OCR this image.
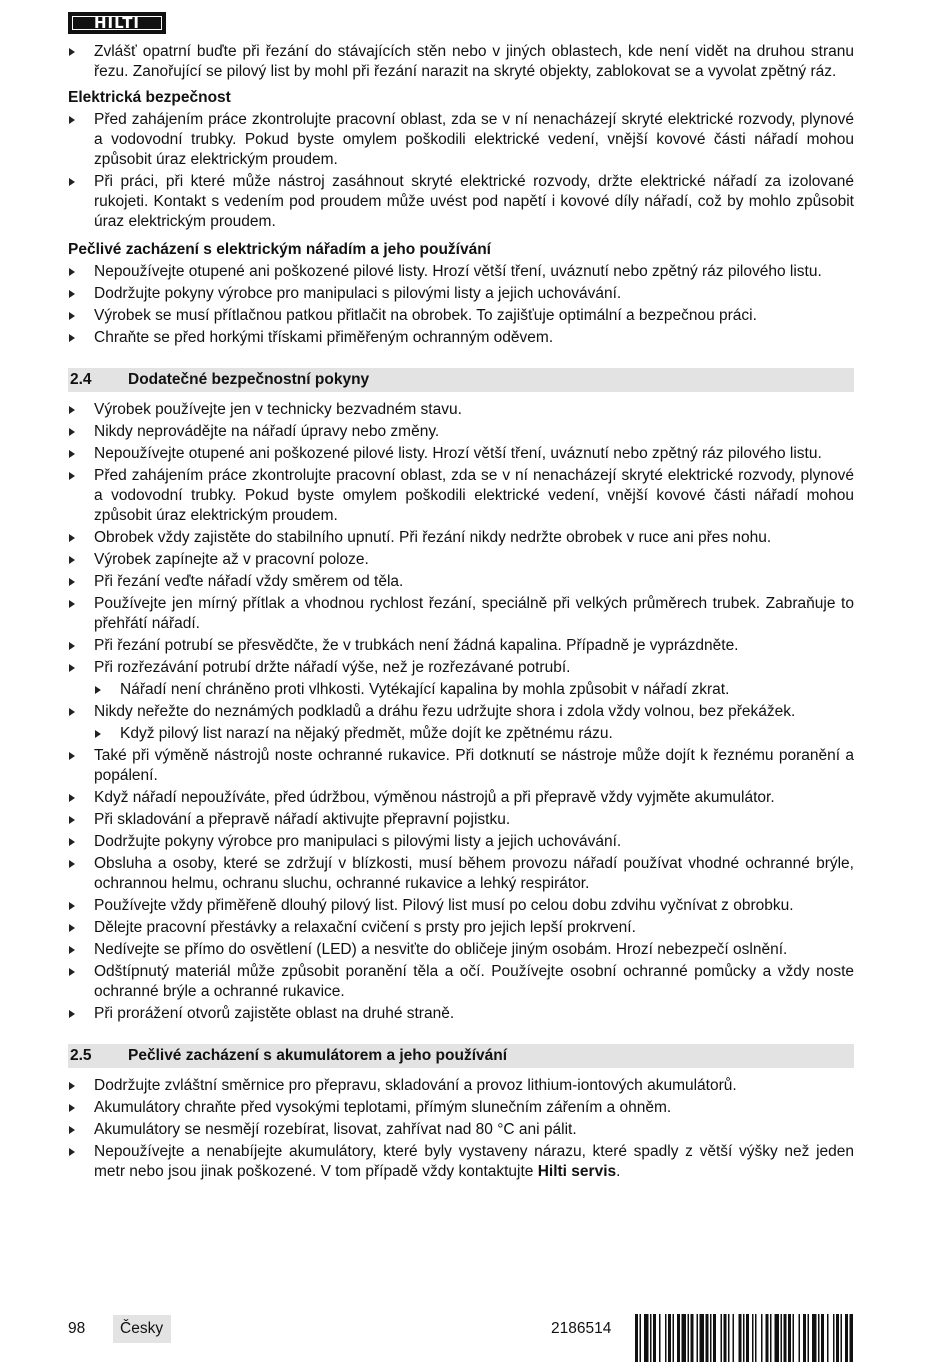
HILTI
Zvlášť opatrní buďte při řezání do stávajících stěn nebo v jiných oblastech, kde není vidět na druhou stranu řezu. Zanořující se pilový list by mohl při řezání narazit na skryté objekty, zablokovat se a vyvolat zpětný ráz.
Elektrická bezpečnost
Před zahájením práce zkontrolujte pracovní oblast, zda se v ní nenacházejí skryté elektrické rozvody, plynové a vodovodní trubky. Pokud byste omylem poškodili elektrické vedení, vnější kovové části nářadí mohou způsobit úraz elektrickým proudem.
Při práci, při které může nástroj zasáhnout skryté elektrické rozvody, držte elektrické nářadí za izolované rukojeti. Kontakt s vedením pod proudem může uvést pod napětí i kovové díly nářadí, což by mohlo způsobit úraz elektrickým proudem.
Pečlivé zacházení s elektrickým nářadím a jeho používání
Nepoužívejte otupené ani poškozené pilové listy. Hrozí větší tření, uváznutí nebo zpětný ráz pilového listu.
Dodržujte pokyny výrobce pro manipulaci s pilovými listy a jejich uchovávání.
Výrobek se musí přítlačnou patkou přitlačit na obrobek. To zajišťuje optimální a bezpečnou práci.
Chraňte se před horkými třískami přiměřeným ochranným oděvem.
2.4	Dodatečné bezpečnostní pokyny
Výrobek používejte jen v technicky bezvadném stavu.
Nikdy neprovádějte na nářadí úpravy nebo změny.
Nepoužívejte otupené ani poškozené pilové listy. Hrozí větší tření, uváznutí nebo zpětný ráz pilového listu.
Před zahájením práce zkontrolujte pracovní oblast, zda se v ní nenacházejí skryté elektrické rozvody, plynové a vodovodní trubky. Pokud byste omylem poškodili elektrické vedení, vnější kovové části nářadí mohou způsobit úraz elektrickým proudem.
Obrobek vždy zajistěte do stabilního upnutí. Při řezání nikdy nedržte obrobek v ruce ani přes nohu.
Výrobek zapínejte až v pracovní poloze.
Při řezání veďte nářadí vždy směrem od těla.
Používejte jen mírný přítlak a vhodnou rychlost řezání, speciálně při velkých průměrech trubek. Zabraňuje to přehřátí nářadí.
Při řezání potrubí se přesvědčte, že v trubkách není žádná kapalina. Případně je vyprázdněte.
Při rozřezávání potrubí držte nářadí výše, než je rozřezávané potrubí.
Nářadí není chráněno proti vlhkosti. Vytékající kapalina by mohla způsobit v nářadí zkrat.
Nikdy neřežte do neznámých podkladů a dráhu řezu udržujte shora i zdola vždy volnou, bez překážek.
Když pilový list narazí na nějaký předmět, může dojít ke zpětnému rázu.
Také při výměně nástrojů noste ochranné rukavice. Při dotknutí se nástroje může dojít k řeznému poranění a popálení.
Když nářadí nepoužíváte, před údržbou, výměnou nástrojů a při přepravě vždy vyjměte akumulátor.
Při skladování a přepravě nářadí aktivujte přepravní pojistku.
Dodržujte pokyny výrobce pro manipulaci s pilovými listy a jejich uchovávání.
Obsluha a osoby, které se zdržují v blízkosti, musí během provozu nářadí používat vhodné ochranné brýle, ochrannou helmu, ochranu sluchu, ochranné rukavice a lehký respirátor.
Používejte vždy přiměřeně dlouhý pilový list. Pilový list musí po celou dobu zdvihu vyčnívat z obrobku.
Dělejte pracovní přestávky a relaxační cvičení s prsty pro jejich lepší prokrvení.
Nedívejte se přímo do osvětlení (LED) a nesviťte do obličeje jiným osobám. Hrozí nebezpečí oslnění.
Odštípnutý materiál může způsobit poranění těla a očí. Používejte osobní ochranné pomůcky a vždy noste ochranné brýle a ochranné rukavice.
Při prorážení otvorů zajistěte oblast na druhé straně.
2.5	Pečlivé zacházení s akumulátorem a jeho používání
Dodržujte zvláštní směrnice pro přepravu, skladování a provoz lithium-iontových akumulátorů.
Akumulátory chraňte před vysokými teplotami, přímým slunečním zářením a ohněm.
Akumulátory se nesmějí rozebírat, lisovat, zahřívat nad 80 °C ani pálit.
Nepoužívejte a nenabíjejte akumulátory, které byly vystaveny nárazu, které spadly z větší výšky než jeden metr nebo jsou jinak poškozené. V tom případě vždy kontaktujte Hilti servis.
98	Česky	2186514
